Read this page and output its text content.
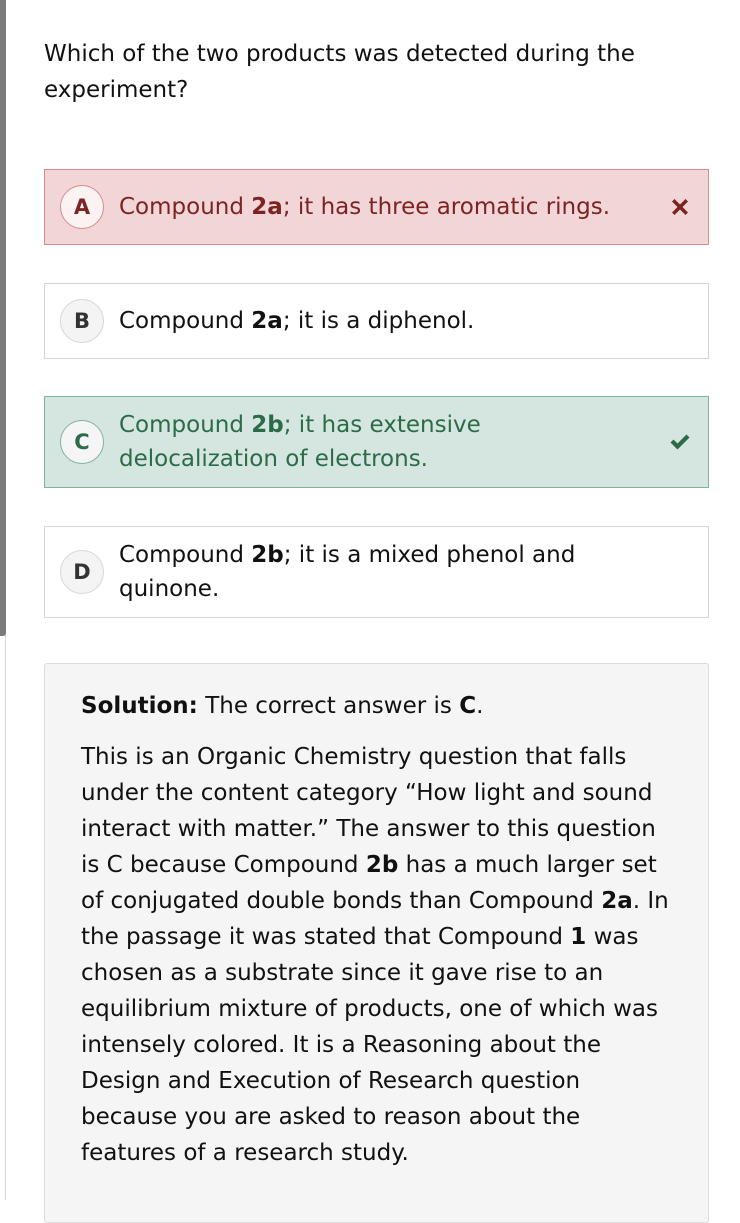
Which of the two products was detected during the experiment?
A	Compound 2a; it has three aromatic rings.
B	Compound 2a; it is a diphenol.
C
Compound 2b; it has extensive delocalization of electrons.
D
Compound 2b; it is a mixed phenol and quinone.

Solution: The correct answer is C.

This is an Organic Chemistry question that falls under the content category “How light and sound interact with matter.” The answer to this question is C because Compound 2b has a much larger set of conjugated double bonds than Compound 2a. In the passage it was stated that Compound 1 was chosen as a substrate since it gave rise to an equilibrium mixture of products, one of which was intensely colored. It is a Reasoning about the Design and Execution of Research question because you are asked to reason about the features of a research study.
